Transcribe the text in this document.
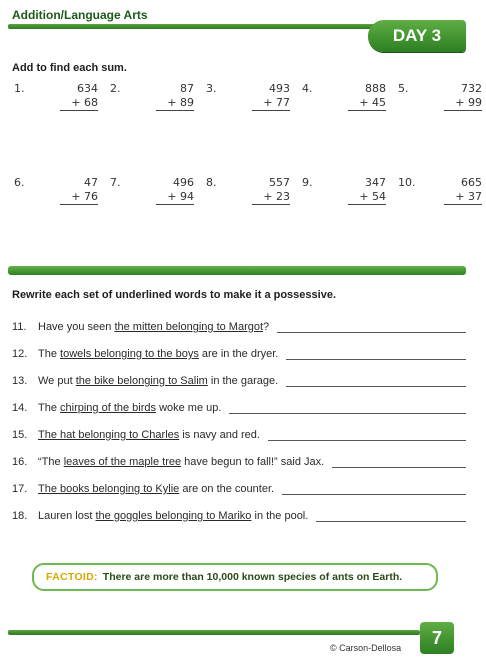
Addition/Language Arts
DAY 3
Add to find each sum.
1.	634
+ 68
2.	87
+ 89
3.	493
+ 77
4.	888
+ 45
5.	732
+ 99
6.	47
+ 76
7.	496
+ 94
8.	557
+ 23
9.	347
+ 54
10.	665
+ 37
Rewrite each set of underlined words to make it a possessive.
11.	Have you seen the mitten belonging to Margot?
12. The towels belonging to the boys are in the dryer.
13. We put the bike belonging to Salim in the garage.
14. The chirping of the birds woke me up.
15. The hat belonging to Charles is navy and red.
16. “The leaves of the maple tree have begun to fall!” said Jax.
17. The books belonging to Kylie are on the counter.
18. Lauren lost the goggles belonging to Mariko in the pool.
FACTOID: There are more than 10,000 known species of ants on Earth.
7
© Carson-Dellosa
